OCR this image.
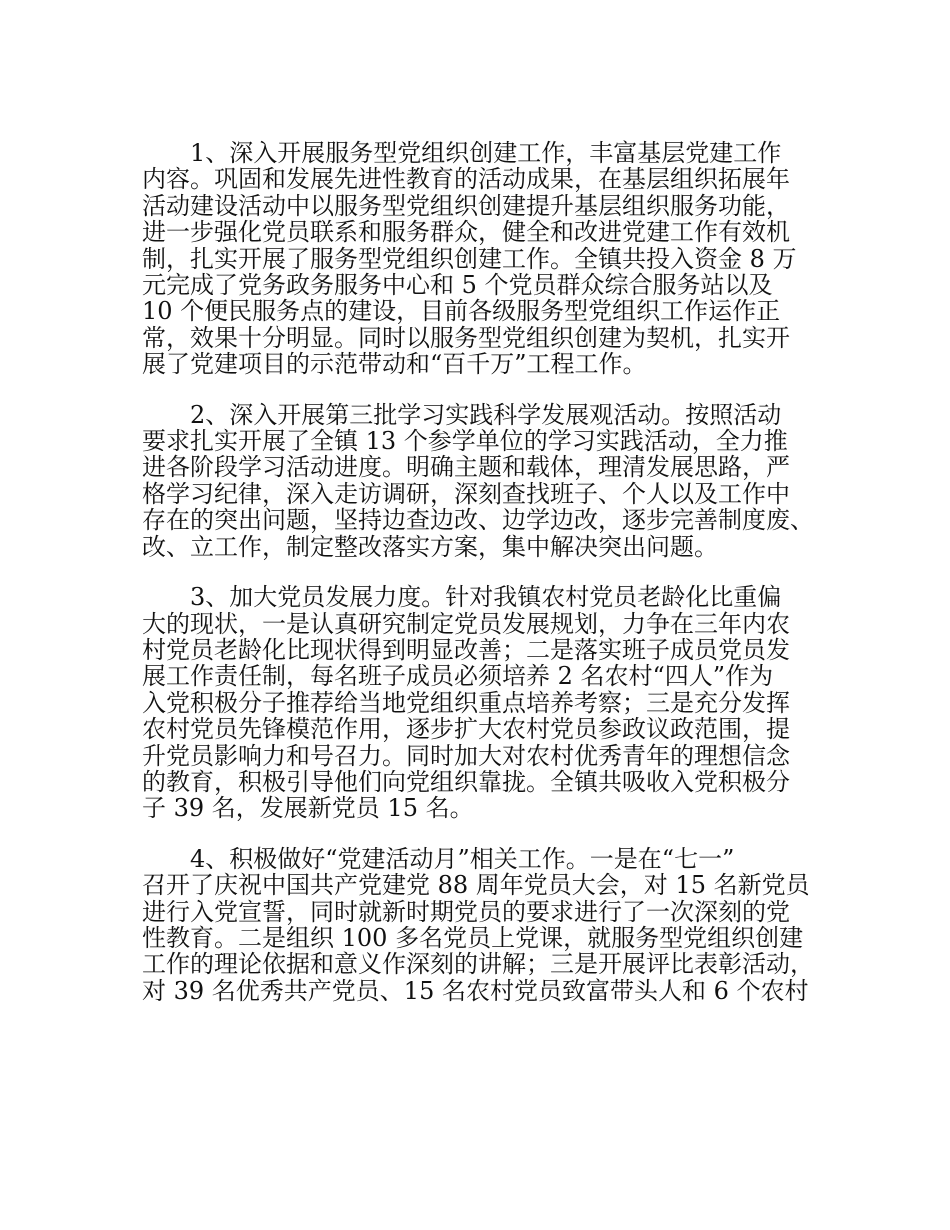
　　1、深入开展服务型党组织创建工作，丰富基层党建工作
内容。巩固和发展先进性教育的活动成果，在基层组织拓展年
活动建设活动中以服务型党组织创建提升基层组织服务功能，
进一步强化党员联系和服务群众，健全和改进党建工作有效机
制，扎实开展了服务型党组织创建工作。全镇共投入资金 8 万
元完成了党务政务服务中心和 5 个党员群众综合服务站以及
10 个便民服务点的建设，目前各级服务型党组织工作运作正
常，效果十分明显。同时以服务型党组织创建为契机，扎实开
展了党建项目的示范带动和“百千万”工程工作。

　　2、深入开展第三批学习实践科学发展观活动。按照活动
要求扎实开展了全镇 13 个参学单位的学习实践活动，全力推
进各阶段学习活动进度。明确主题和载体，理清发展思路，严
格学习纪律，深入走访调研，深刻查找班子、个人以及工作中
存在的突出问题，坚持边查边改、边学边改，逐步完善制度废、
改、立工作，制定整改落实方案，集中解决突出问题。

　　3、加大党员发展力度。针对我镇农村党员老龄化比重偏
大的现状，一是认真研究制定党员发展规划，力争在三年内农
村党员老龄化比现状得到明显改善；二是落实班子成员党员发
展工作责任制，每名班子成员必须培养 2 名农村“四人”作为
入党积极分子推荐给当地党组织重点培养考察；三是充分发挥
农村党员先锋模范作用，逐步扩大农村党员参政议政范围，提
升党员影响力和号召力。同时加大对农村优秀青年的理想信念
的教育，积极引导他们向党组织靠拢。全镇共吸收入党积极分
子 39 名，发展新党员 15 名。

　　4、积极做好“党建活动月”相关工作。一是在“七一”
召开了庆祝中国共产党建党 88 周年党员大会，对 15 名新党员
进行入党宣誓，同时就新时期党员的要求进行了一次深刻的党
性教育。二是组织 100 多名党员上党课，就服务型党组织创建
工作的理论依据和意义作深刻的讲解；三是开展评比表彰活动，
对 39 名优秀共产党员、15 名农村党员致富带头人和 6 个农村
